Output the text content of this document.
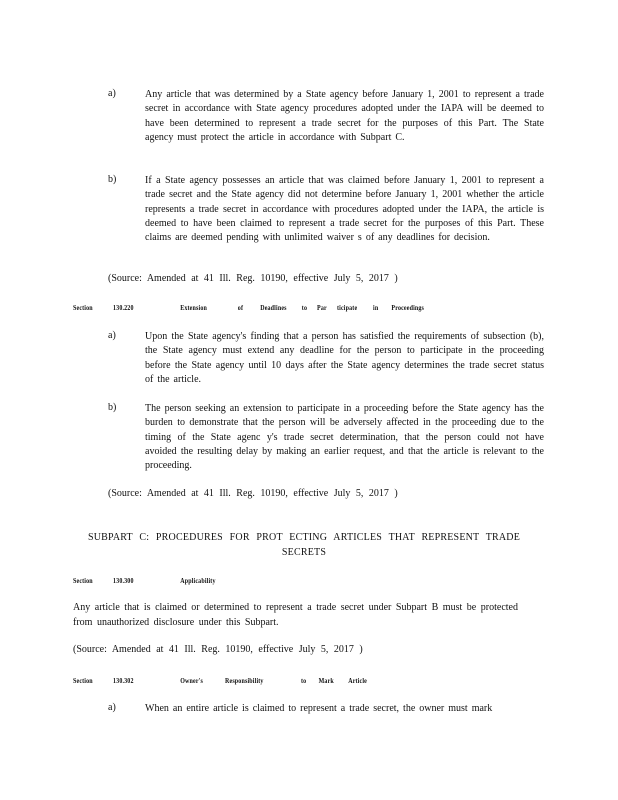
a)	Any article that was determined by a State agency before January 1, 2001 to represent a trade secret in accordance with State agency procedures adopted under the IAPA will be deemed to have been determined to represent a trade secret for the purposes of this Part. The State agency must protect the article in accordance with Subpart C.
b)	If a State agency possesses an article that was claimed before January 1, 2001 to represent a trade secret and the State agency did not determine before January 1, 2001 whether the article represents a trade secret in accordance with procedures adopted under the IAPA, the article is deemed to have been claimed to represent a trade secret for the purposes of this Part. These claims are deemed pending with unlimited waiver s of any deadlines for decision.
(Source: Amended at 41 Ill. Reg. 10190, effective July 5, 2017 )
Section	130.220	Extension	of Deadlines to Par ticipate in Proceedings
a)	Upon the State agency's finding that a person has satisfied the requirements of subsection (b), the State agency must extend any deadline for the person to participate in the proceeding before the State agency until 10 days after the State agency determines the trade secret status of the article.
b)	The person seeking an extension to participate in a proceeding before the State agency has the burden to demonstrate that the person will be adversely affected in the proceeding due to the timing of the State agenc y's trade secret determination, that the person could not have avoided the resulting delay by making an earlier request, and that the article is relevant to the proceeding.
(Source: Amended at 41 Ill. Reg. 10190, effective July 5, 2017 )
SUBPART C: PROCEDURES FOR PROT ECTING ARTICLES THAT REPRESENT TRADE
SECRETS
Section	130.300	Applicability
Any article that is claimed or determined to represent a trade secret under Subpart B must be protected from unauthorized disclosure under this Subpart.
(Source: Amended at 41 Ill. Reg. 10190, effective July 5, 2017 )
Section	130.302	Owner's	Responsibility	to Mark Article
a)	When an entire article is claimed to represent a trade secret, the owner must mark
